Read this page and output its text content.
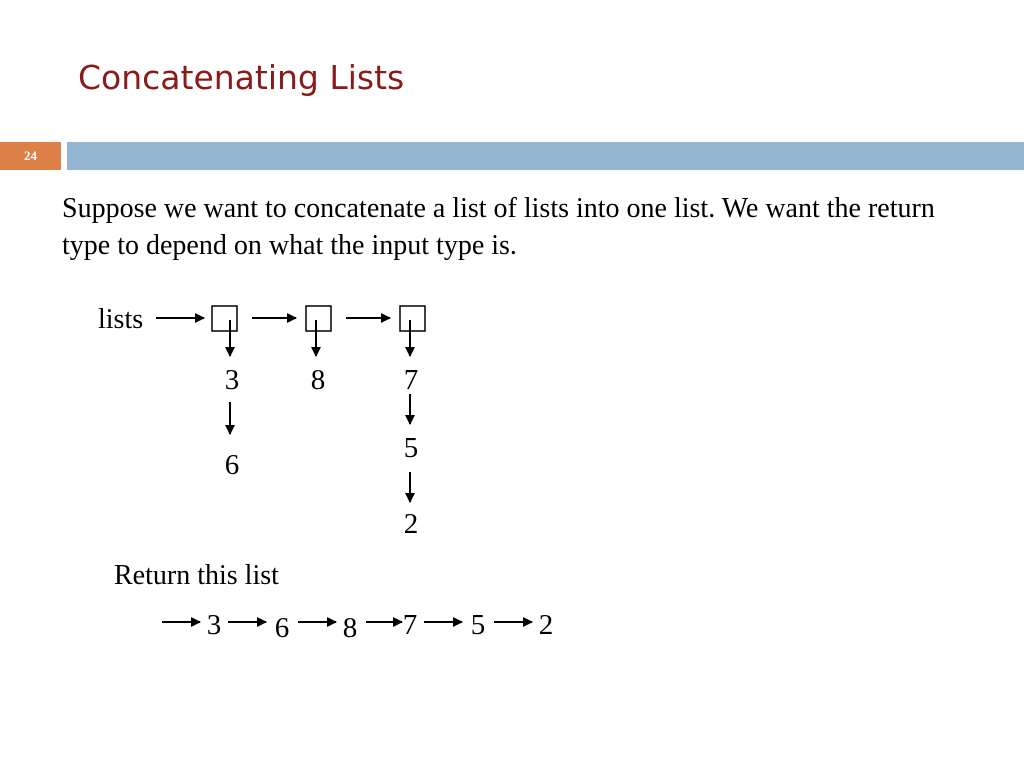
Concatenating Lists
24
Suppose we want to concatenate a list of lists into one list. We want the return type to depend on what the input type is.
lists
3
6
8	7
5
2
Return this list
3 6 8 7 5 2
